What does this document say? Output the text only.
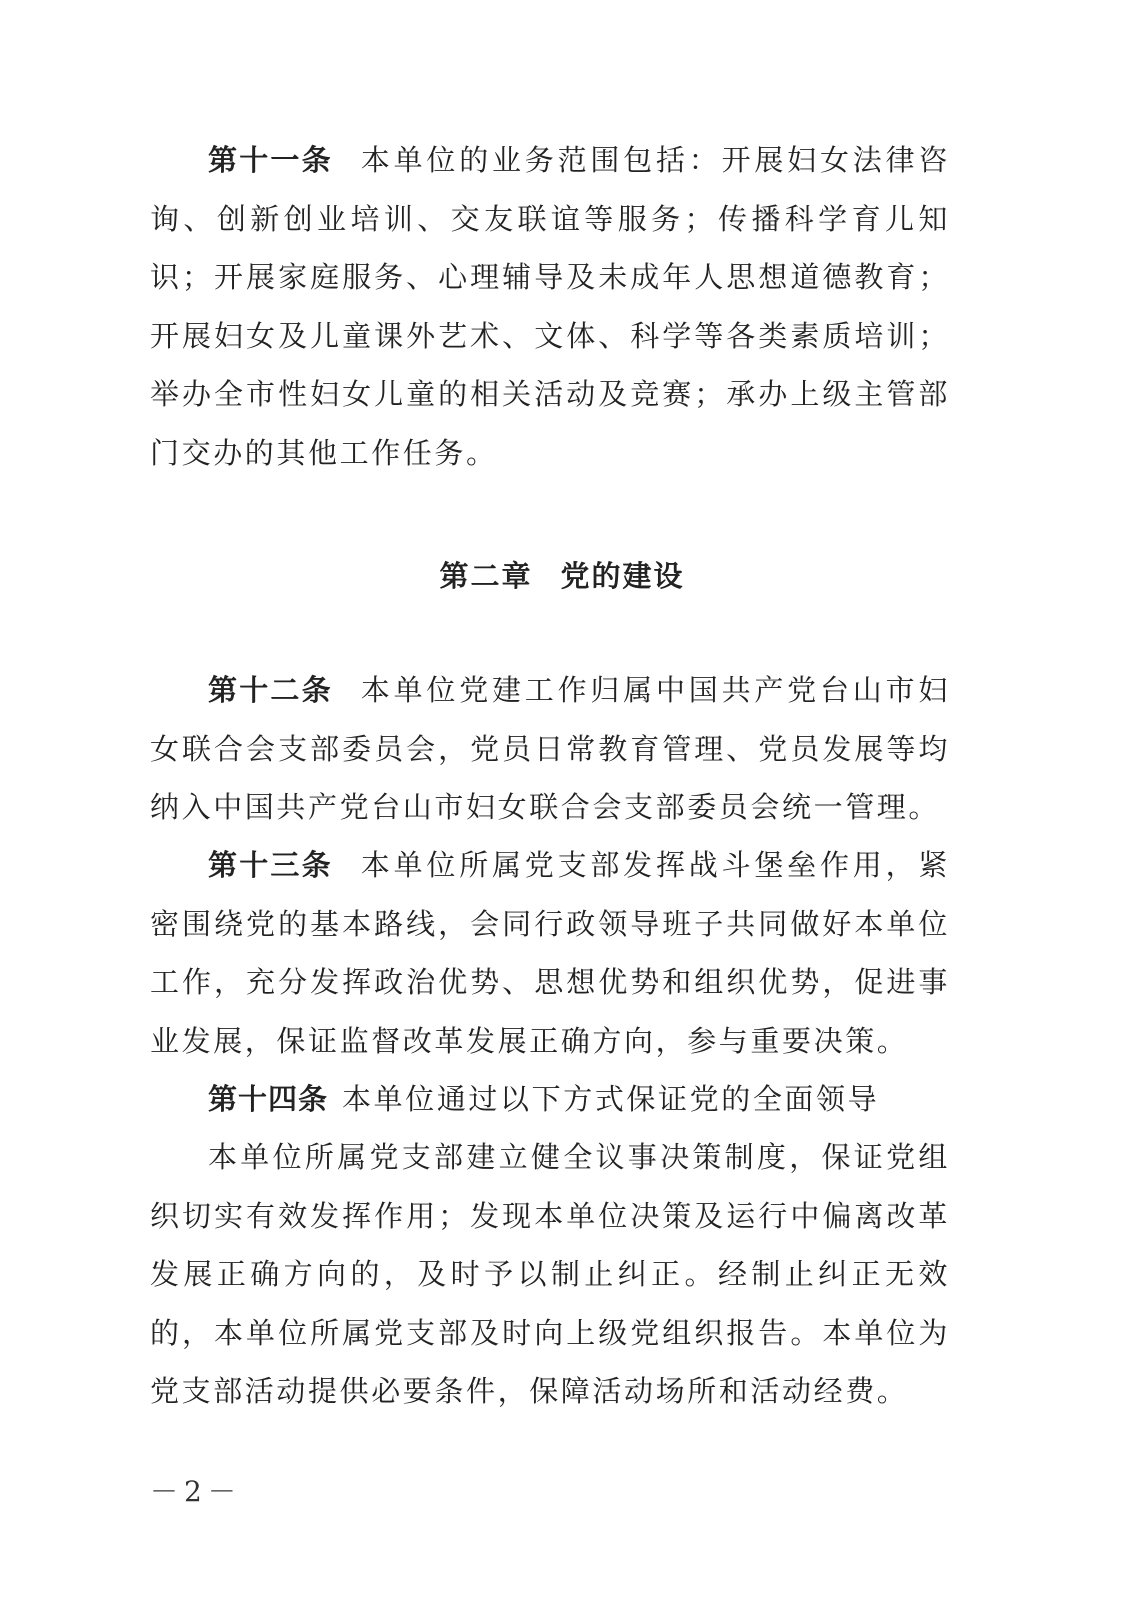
第十一条 本单位的业务范围包括：开展妇女法律咨询、创新创业培训、交友联谊等服务；传播科学育儿知识；开展家庭服务、心理辅导及未成年人思想道德教育；开展妇女及儿童课外艺术、文体、科学等各类素质培训；举办全市性妇女儿童的相关活动及竞赛；承办上级主管部门交办的其他工作任务。

第二章 党的建设

第十二条 本单位党建工作归属中国共产党台山市妇女联合会支部委员会，党员日常教育管理、党员发展等均纳入中国共产党台山市妇女联合会支部委员会统一管理。

第十三条 本单位所属党支部发挥战斗堡垒作用，紧密围绕党的基本路线，会同行政领导班子共同做好本单位工作，充分发挥政治优势、思想优势和组织优势，促进事业发展，保证监督改革发展正确方向，参与重要决策。

第十四条 本单位通过以下方式保证党的全面领导

本单位所属党支部建立健全议事决策制度，保证党组织切实有效发挥作用；发现本单位决策及运行中偏离改革发展正确方向的，及时予以制止纠正。经制止纠正无效的，本单位所属党支部及时向上级党组织报告。本单位为党支部活动提供必要条件，保障活动场所和活动经费。

－2－
